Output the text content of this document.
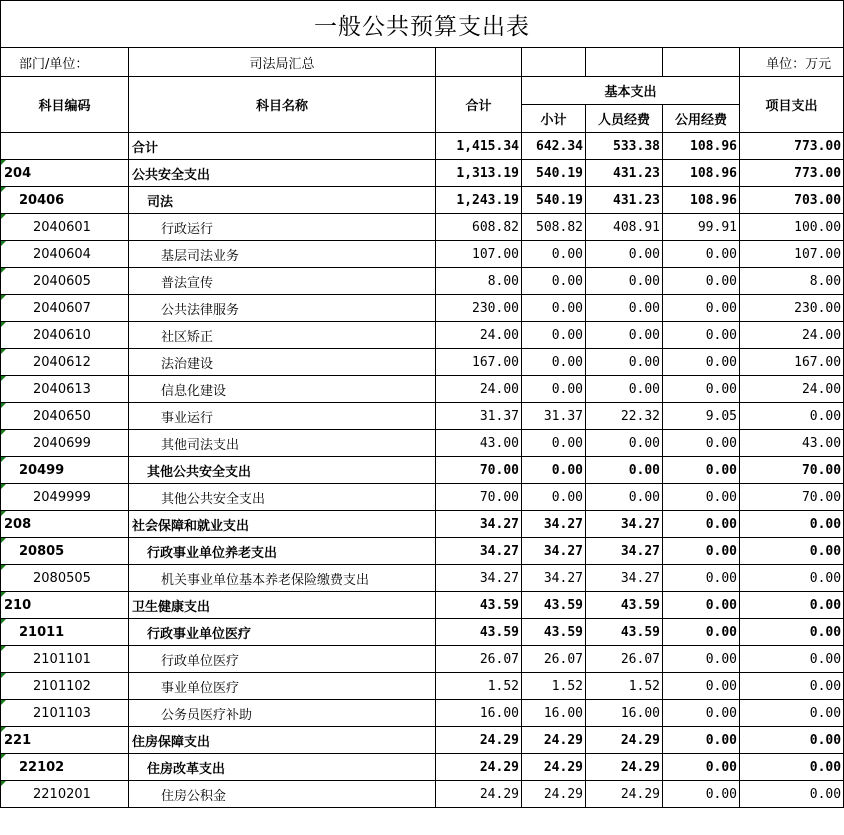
一般公共预算支出表						
部门/单位：	司法局汇总					单位：万元
科目编码	科目名称	合计	基本支出			项目支出
			小计	人员经费	公用经费	
	合计	1,415.34	642.34	533.38	108.96	773.00
204	公共安全支出	1,313.19	540.19	431.23	108.96	773.00
20406	司法	1,243.19	540.19	431.23	108.96	703.00
2040601	行政运行	608.82	508.82	408.91	99.91	100.00
2040604	基层司法业务	107.00	0.00	0.00	0.00	107.00
2040605	普法宣传	8.00	0.00	0.00	0.00	8.00
2040607	公共法律服务	230.00	0.00	0.00	0.00	230.00
2040610	社区矫正	24.00	0.00	0.00	0.00	24.00
2040612	法治建设	167.00	0.00	0.00	0.00	167.00
2040613	信息化建设	24.00	0.00	0.00	0.00	24.00
2040650	事业运行	31.37	31.37	22.32	9.05	0.00
2040699	其他司法支出	43.00	0.00	0.00	0.00	43.00
20499	其他公共安全支出	70.00	0.00	0.00	0.00	70.00
2049999	其他公共安全支出	70.00	0.00	0.00	0.00	70.00
208	社会保障和就业支出	34.27	34.27	34.27	0.00	0.00
20805	行政事业单位养老支出	34.27	34.27	34.27	0.00	0.00
2080505	机关事业单位基本养老保险缴费支出	34.27	34.27	34.27	0.00	0.00
210	卫生健康支出	43.59	43.59	43.59	0.00	0.00
21011	行政事业单位医疗	43.59	43.59	43.59	0.00	0.00
2101101	行政单位医疗	26.07	26.07	26.07	0.00	0.00
2101102	事业单位医疗	1.52	1.52	1.52	0.00	0.00
2101103	公务员医疗补助	16.00	16.00	16.00	0.00	0.00
221	住房保障支出	24.29	24.29	24.29	0.00	0.00
22102	住房改革支出	24.29	24.29	24.29	0.00	0.00
2210201	住房公积金	24.29	24.29	24.29	0.00	0.00
